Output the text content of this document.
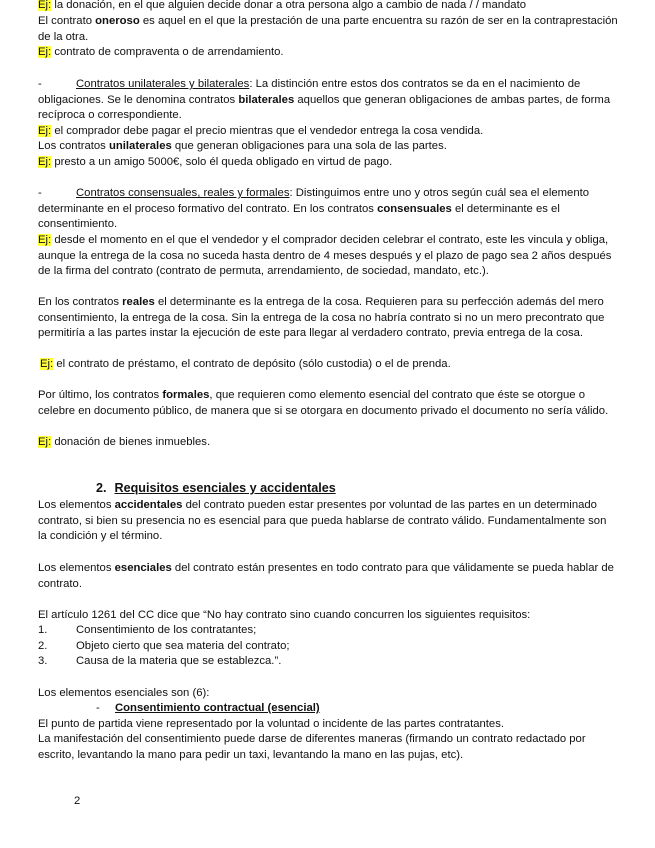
Ej: la donación, en el que alguien decide donar a otra persona algo a cambio de nada / / mandato

El contrato oneroso es aquel en el que la prestación de una parte encuentra su razón de ser en la contraprestación de la otra.

Ej: contrato de compraventa o de arrendamiento.

-	Contratos unilaterales y bilaterales: La distinción entre estos dos contratos se da en el nacimiento de obligaciones. Se le denomina contratos bilaterales aquellos que generan obligaciones de ambas partes, de forma recíproca o correspondiente.

Ej: el comprador debe pagar el precio mientras que el vendedor entrega la cosa vendida.

Los contratos unilaterales que generan obligaciones para una sola de las partes.

Ej: presto a un amigo 5000€, solo él queda obligado en virtud de pago.

-	Contratos consensuales, reales y formales: Distinguimos entre uno y otros según cuál sea el elemento determinante en el proceso formativo del contrato. En los contratos consensuales el determinante es el consentimiento.

Ej: desde el momento en el que el vendedor y el comprador deciden celebrar el contrato, este les vincula y obliga, aunque la entrega de la cosa no suceda hasta dentro de 4 meses después y el plazo de pago sea 2 años después de la firma del contrato (contrato de permuta, arrendamiento, de sociedad, mandato, etc.).

En los contratos reales el determinante es la entrega de la cosa. Requieren para su perfección además del mero consentimiento, la entrega de la cosa. Sin la entrega de la cosa no habría contrato si no un mero precontrato que permitiría a las partes instar la ejecución de este para llegar al verdadero contrato, previa entrega de la cosa.

Ej: el contrato de préstamo, el contrato de depósito (sólo custodia) o el de prenda.

Por último, los contratos formales, que requieren como elemento esencial del contrato que éste se otorgue o celebre en documento público, de manera que si se otorgara en documento privado el documento no sería válido.

Ej: donación de bienes inmuebles.

2. Requisitos esenciales y accidentales

Los elementos accidentales del contrato pueden estar presentes por voluntad de las partes en un determinado contrato, si bien su presencia no es esencial para que pueda hablarse de contrato válido. Fundamentalmente son la condición y el término.

Los elementos esenciales del contrato están presentes en todo contrato para que válidamente se pueda hablar de contrato.

El artículo 1261 del CC dice que “No hay contrato sino cuando concurren los siguientes requisitos:

1.	Consentimiento de los contratantes;
2.	Objeto cierto que sea materia del contrato;
3.	Causa de la materia que se establezca.”.

Los elementos esenciales son (6):

- Consentimiento contractual (esencial)

El punto de partida viene representado por la voluntad o incidente de las partes contratantes.

La manifestación del consentimiento puede darse de diferentes maneras (firmando un contrato redactado por escrito, levantando la mano para pedir un taxi, levantando la mano en las pujas, etc).

2
